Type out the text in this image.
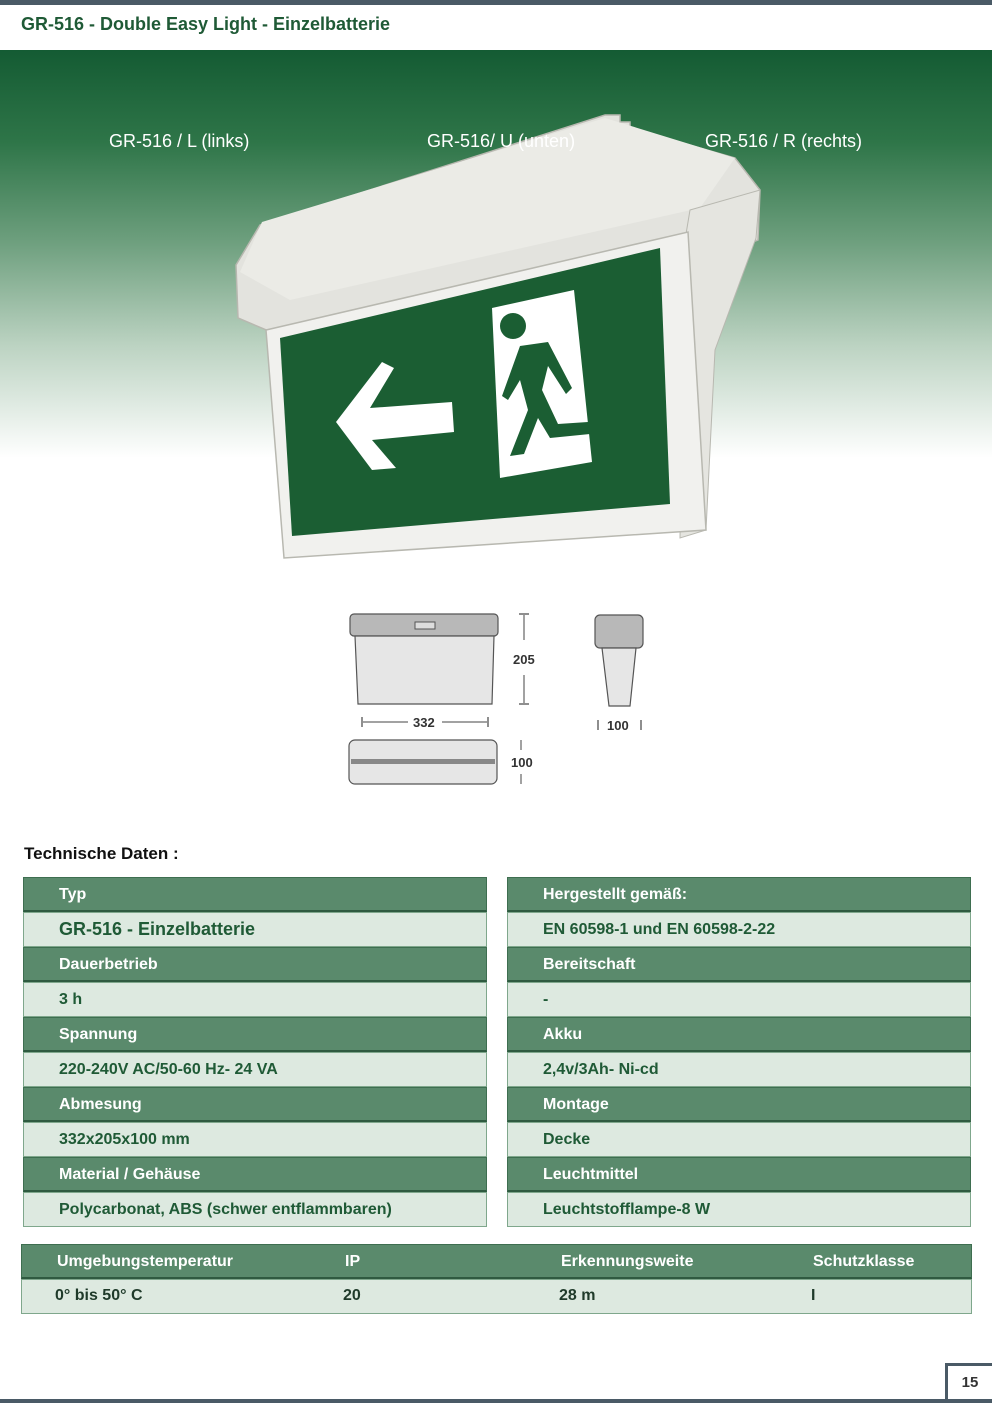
GR-516 - Double Easy Light - Einzelbatterie
GR-516 / L (links)	GR-516/ U (unten)	GR-516 / R (rechts)
205
332
100
100
Technische Daten :
Typ
GR-516 - Einzelbatterie
Dauerbetrieb
3 h
Spannung
220-240V AC/50-60 Hz- 24 VA
Abmesung
332x205x100 mm
Material / Gehäuse
Polycarbonat, ABS (schwer entflammbaren)
Hergestellt gemäß:
EN 60598-1 und EN 60598-2-22
Bereitschaft
-
Akku
2,4v/3Ah- Ni-cd
Montage
Decke
Leuchtmittel
Leuchtstofflampe-8 W
Umgebungstemperatur	IP	Erkennungsweite	Schutzklasse
0° bis 50° C	20	28 m	I
15
